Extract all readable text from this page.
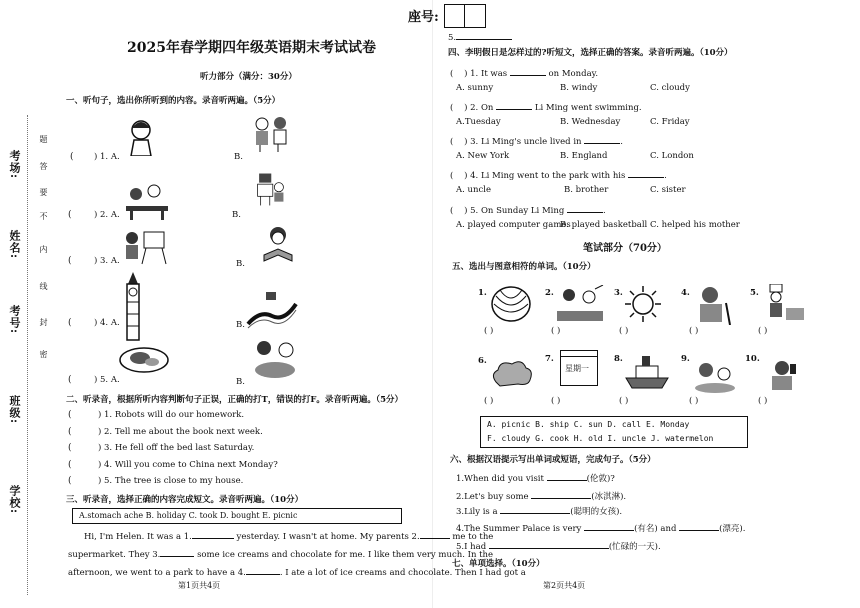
座号:
考场:
姓名:
考号:
班级:
学校:
题
答
要
不
内
线
封
密
2025年春学期四年级英语期末考试试卷
听力部分（满分：30分）
一、听句子，选出你所听到的内容。录音听两遍。（5分）
( ) 1. A.	B.
(	) 2. A.	B.
(	) 3. A.	B.
(	) 4. A.	B.
(	) 5. A.	B.
二、听录音，根据所听内容判断句子正误，正确的打T，错误的打F。录音听两遍。（5分）
(	) 1. Robots will do our homework.
(	) 2. Tell me about the book next week.
(	) 3. He fell off the bed last Saturday.
(	) 4. Will you come to China next Monday?
(	) 5. The tree is close to my house.
三、听录音，选择正确的内容完成短文。录音听两遍。（10分）
A.stomach ache B. holiday C. took D. bought E. picnic
Hi, I'm Helen. It was a 1.	yesterday. I wasn't at home. My parents 2.	me to the
supermarket. They 3.	some ice creams and chocolate for me. I like them very much. In the
afternoon, we went to a park to have a 4.	. I ate a lot of ice creams and chocolate. Then I had got a
第1页共4页
5.
四、李明假日是怎样过的?听短文，选择正确的答案。录音听两遍。（10分）
(    ) 1. It was	on Monday.
A. sunny	B. windy	C. cloudy
(    ) 2. On	Li Ming went swimming.
A.Tuesday	B. Wednesday	C. Friday
(    ) 3. Li Ming's uncle lived in	.
A. New York	B. England	C. London
(    ) 4. Li Ming went to the park with his	.
A. uncle	B. brother	C. sister
(    ) 5. On Sunday Li Ming	.
A. played computer games
B. played basketball C. helped his mother
笔试部分（70分）
五、选出与图意相符的单词。（10分）
1.	2.	3.	4.	5.
( )	( )	( )	( )	( )
6.	7.	8.	9.	10.
星期一
( )	( )	( )	( )	( )
A. picnic B. ship C. sun D. call E. Monday
F. cloudy G. cook H. old I. uncle J. watermelon
六、根据汉语提示写出单词或短语，完成句子。（5分）
1.When did you visit	(伦敦)?
2.Let's buy some	(冰淇淋).
3.Lily is a	(聪明的女孩).
4.The Summer Palace is very	(有名) and	(漂亮).
5.I had	(忙碌的一天).
七、单项选择。（10分）
第2页共4页
